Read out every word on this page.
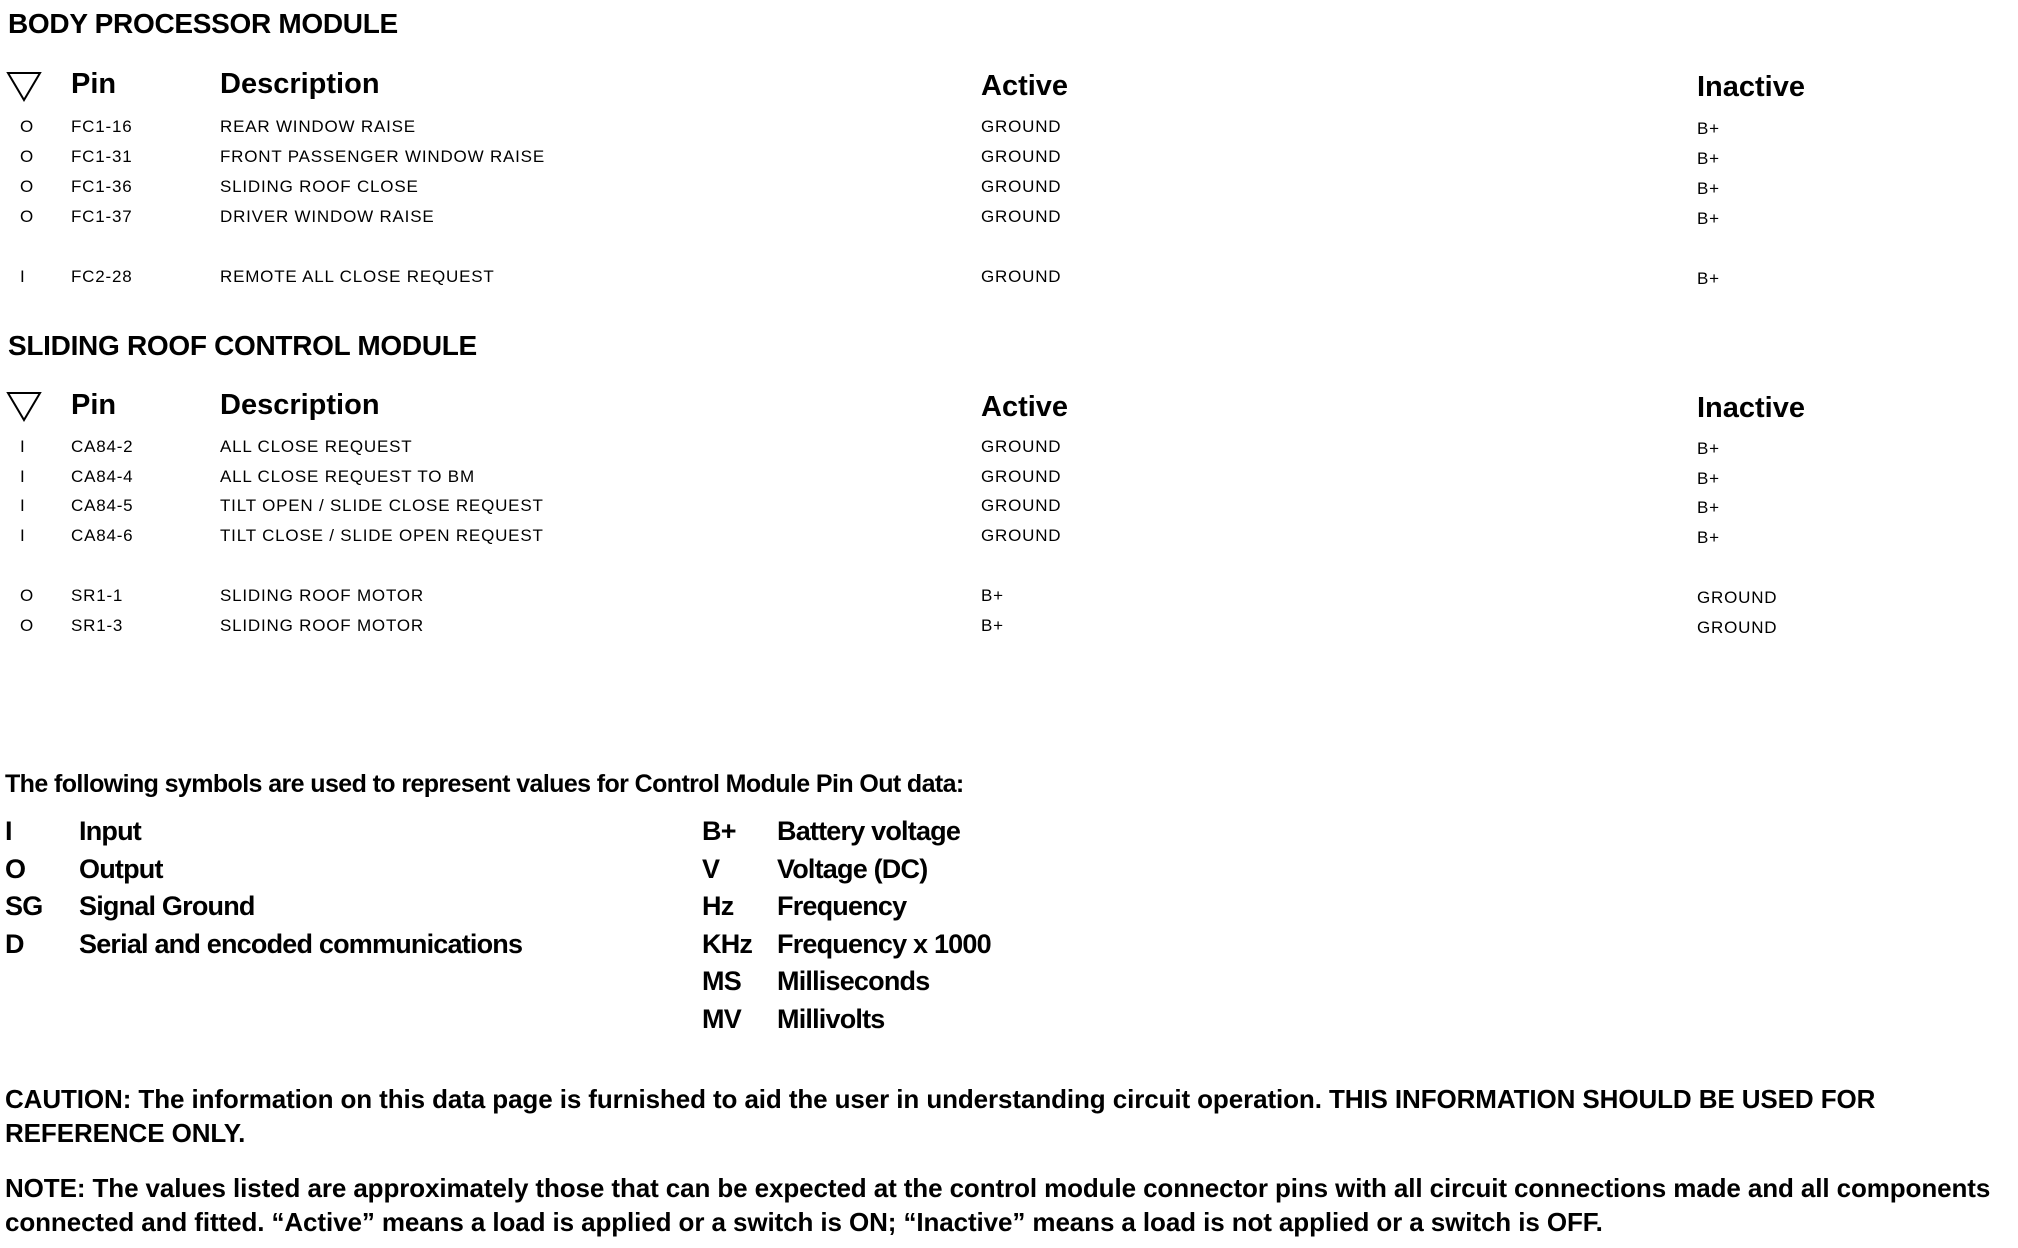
BODY PROCESSOR MODULE
Pin	Description	Active	Inactive
O FC1-16	REAR WINDOW RAISE	GROUND	B+
O FC1-31	FRONT PASSENGER WINDOW RAISE	GROUND	B+
O FC1-36	SLIDING ROOF CLOSE	GROUND	B+
O FC1-37	DRIVER WINDOW RAISE	GROUND	B+
I	FC2-28	REMOTE ALL CLOSE REQUEST	GROUND	B+
SLIDING ROOF CONTROL MODULE
Pin	Description	Active	Inactive
I	CA84-2	ALL CLOSE REQUEST	GROUND	B+
I	CA84-4	ALL CLOSE REQUEST TO BM	GROUND	B+
I	CA84-5	TILT OPEN / SLIDE CLOSE REQUEST	GROUND	B+
I	CA84-6	TILT CLOSE / SLIDE OPEN REQUEST	GROUND	B+
O SR1-1	SLIDING ROOF MOTOR	B+	GROUND
O SR1-3	SLIDING ROOF MOTOR	B+	GROUND
The following symbols are used to represent values for Control Module Pin Out data:
I Input
O Output
SG Signal Ground
D Serial and encoded communications
B+ Battery voltage
V Voltage (DC)
Hz Frequency
KHz Frequency x 1000
MS Milliseconds
MV Millivolts
CAUTION: The information on this data page is furnished to aid the user in understanding circuit operation. THIS INFORMATION SHOULD BE USED FOR REFERENCE ONLY.
NOTE: The values listed are approximately those that can be expected at the control module connector pins with all circuit connections made and all components connected and fitted. “Active” means a load is applied or a switch is ON; “Inactive” means a load is not applied or a switch is OFF.
